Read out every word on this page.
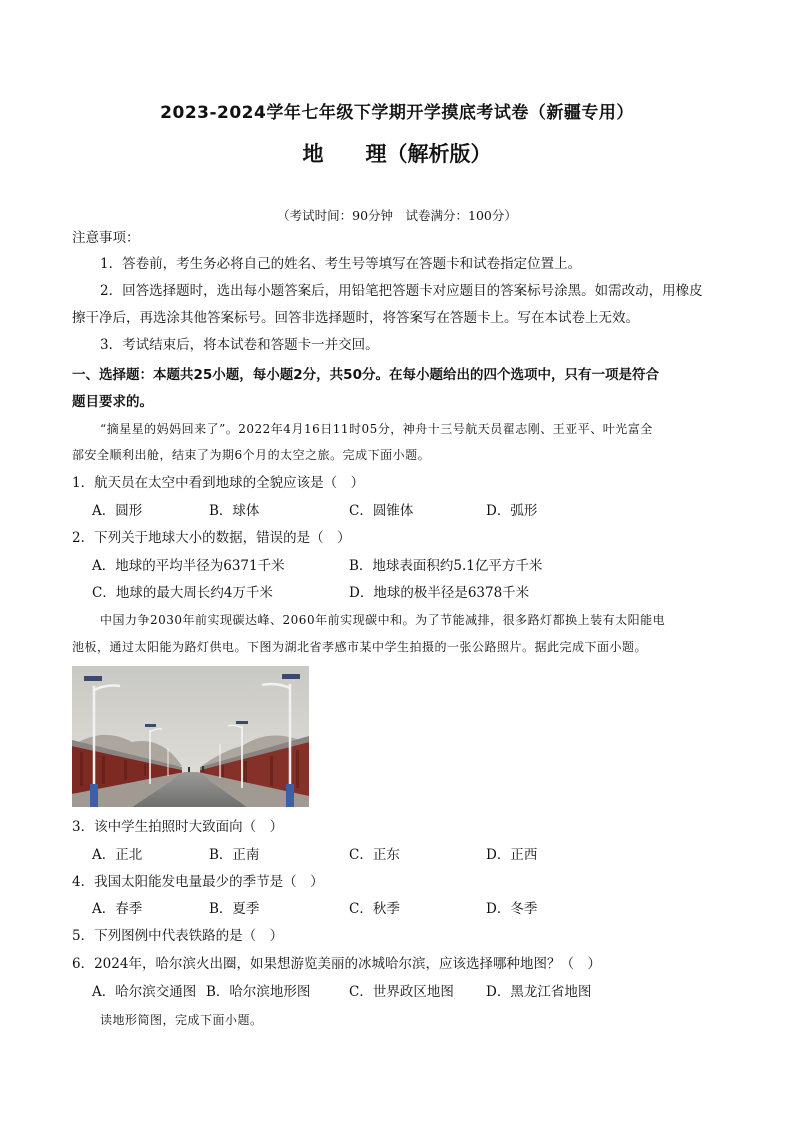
2023-2024学年七年级下学期开学摸底考试卷（新疆专用）
地　　理（解析版）
（考试时间：90分钟　试卷满分：100分）
注意事项：
1．答卷前，考生务必将自己的姓名、考生号等填写在答题卡和试卷指定位置上。
2．回答选择题时，选出每小题答案后，用铅笔把答题卡对应题目的答案标号涂黑。如需改动，用橡皮
擦干净后，再选涂其他答案标号。回答非选择题时，将答案写在答题卡上。写在本试卷上无效。
3．考试结束后，将本试卷和答题卡一并交回。
一、选择题：本题共25小题，每小题2分，共50分。在每小题给出的四个选项中，只有一项是符合
题目要求的。
“摘星星的妈妈回来了”。2022年4月16日11时05分，神舟十三号航天员翟志刚、王亚平、叶光富全
部安全顺利出舱，结束了为期6个月的太空之旅。完成下面小题。
1．航天员在太空中看到地球的全貌应该是（　）
A．圆形	B．球体	C．圆锥体	D．弧形
2．下列关于地球大小的数据，错误的是（　）
A．地球的平均半径为6371千米	B．地球表面积约5.1亿平方千米
C．地球的最大周长约4万千米	D．地球的极半径是6378千米
中国力争2030年前实现碳达峰、2060年前实现碳中和。为了节能减排，很多路灯都换上装有太阳能电
池板，通过太阳能为路灯供电。下图为湖北省孝感市某中学生拍摄的一张公路照片。据此完成下面小题。
3．该中学生拍照时大致面向（　）
A．正北	B．正南	C．正东	D．正西
4．我国太阳能发电量最少的季节是（　）
A．春季	B．夏季	C．秋季	D．冬季
5．下列图例中代表铁路的是（　）
6．2024年，哈尔滨火出圈，如果想游览美丽的冰城哈尔滨，应该选择哪种地图？（　）
A．哈尔滨交通图 B．哈尔滨地形图	C．世界政区地图 D．黑龙江省地图
读地形简图，完成下面小题。
